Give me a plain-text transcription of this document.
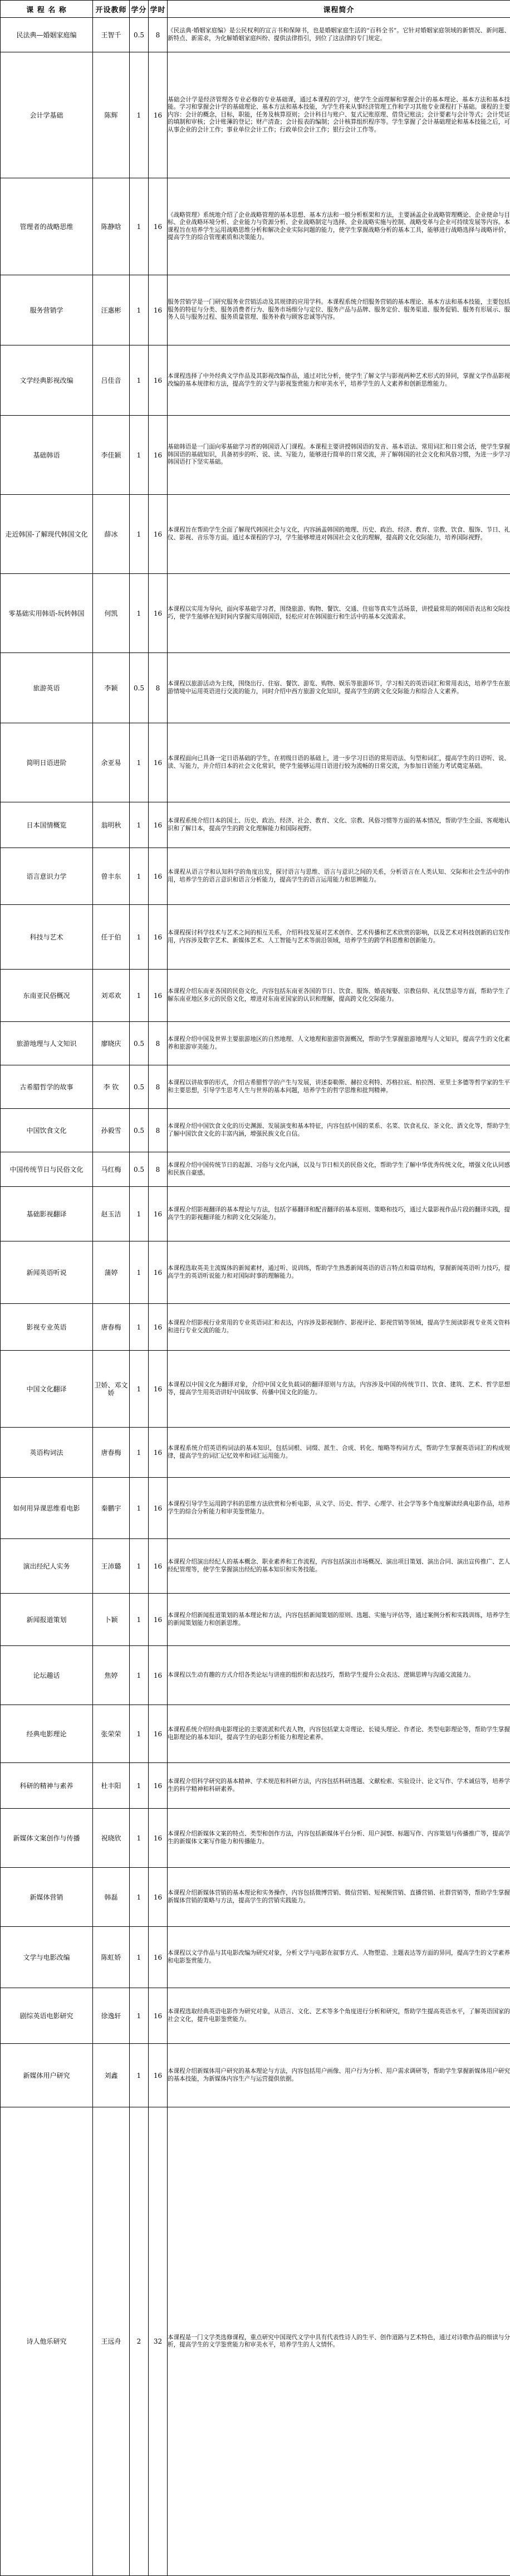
课 程 名 称	开设教师	学分	学时	课程简介
民法典—婚姻家庭编	王智千	0.5	8	《民法典·婚姻家庭编》是公民权利的宣言书和保障书，也是婚姻家庭生活的“百科全书”。它针对婚姻家庭领域的新情况、新问题、新特点、新需求，为化解婚姻家庭纠纷、提供法律指引，到位了这法律的专门规定。

会计学基础	陈辉	1	16	基础会计学是经济管理各专业必修的专业基础课，通过本课程的学习，使学生全面理解和掌握会计的基本理论、基本方法和基本技能。学习和掌握会计学的基础理论、基本方法和基本技能，为学生将来从事经济管理工作和学习其他专业课程打下基础。课程的主要内容：会计的概念，目标，职能，任务及核算原则；会计科目与账户、复式记账原理、借贷记账法；会计要素与会计等式；会计凭证的填制和审核；会计账簿的登记；财产清查；会计报表的编制；会计核算组织程序等。学生掌握了会计基础理论和基本技能之后，可从事企业的会计工作；事业单位会计工作；行政单位会计工作；银行会计工作等。

管理者的战略思维	陈静晗	1	16	《战略管理》系统地介绍了企业战略管理的基本思想、基本方法和一般分析框架和方法，主要涵盖企业战略管理概论、企业使命与目标、企业战略环境分析、企业能力与资源分析、企业战略制定与选择、企业战略实施与控制、战略变革与企业可持续发展等内容。本课程旨在培养学生运用战略思维分析和解决企业实际问题的能力，使学生掌握战略分析的基本工具，能够进行战略选择与战略评价，提高学生的综合管理素质和决策能力。

服务营销学	汪惠彬	1	16	服务营销学是一门研究服务业营销活动及其规律的应用学科。本课程系统介绍服务营销的基本理论、基本方法和基本技能，主要包括服务的特征与分类、服务消费者行为、服务市场细分与定位、服务产品与品牌、服务定价、服务渠道、服务促销、服务有形展示、服务人员与服务过程、服务质量管理、服务补救与顾客忠诚等内容。

文学经典影视改编	吕佳音	1	16	本课程选择了中外经典文学作品及其影视改编作品，通过对比分析，使学生了解文学与影视两种艺术形式的异同，掌握文学作品影视改编的基本规律和方法，提高学生的文学与影视鉴赏能力和审美水平，培养学生的人文素养和创新思维能力。

基础韩语	李佳颖	1	16	基础韩语是一门面向零基础学习者的韩国语入门课程。本课程主要讲授韩国语的发音、基本语法、常用词汇和日常会话，使学生掌握韩国语的基础知识，具备初步的听、说、读、写能力，能够进行简单的日常交流，并了解韩国的社会文化和风俗习惯，为进一步学习韩国语打下坚实基础。

走近韩国-了解现代韩国文化	薛冰	1	16	本课程旨在帮助学生全面了解现代韩国社会与文化，内容涵盖韩国的地理、历史、政治、经济、教育、宗教、饮食、服饰、节日、礼仪、影视、音乐等方面。通过本课程的学习，学生能够增进对韩国社会文化的理解，提高跨文化交际能力，培养国际视野。

零基础实用韩语-玩转韩国	何凯	1	16	本课程以实用为导向，面向零基础学习者，围绕旅游、购物、餐饮、交通、住宿等真实生活场景，讲授最常用的韩国语表达和交际技巧，使学生能够在短时间内掌握实用韩国语，轻松应对在韩国旅行和生活中的基本交流需求。

旅游英语	李颖	0.5	8	本课程以旅游活动为主线，围绕出行、住宿、餐饮、游览、购物、娱乐等旅游环节，学习相关的英语词汇和常用表达，培养学生在旅游情境中运用英语进行交流的能力，同时介绍中西方旅游文化知识，提高学生的跨文化交际能力和综合人文素养。

简明日语进阶	余亚易	1	16	本课程面向已具备一定日语基础的学生，在初级日语的基础上，进一步学习日语的常用语法、句型和词汇，提高学生的日语听、说、读、写能力，并介绍日本的社会文化常识，使学生能够运用日语进行较为流畅的日常交流，为参加日语能力考试奠定基础。

日本国情概览	翁明秋	1	16	本课程系统介绍日本的国土、历史、政治、经济、社会、教育、文化、宗教、风俗习惯等方面的基本情况，帮助学生全面、客观地认识和了解日本，提高学生的跨文化理解能力和国际视野。

语言意识力学	曾丰东	1	16	本课程从语言学和认知科学的角度出发，探讨语言与思维、语言与意识之间的关系，分析语言在人类认知、交际和社会生活中的作用，培养学生的语言意识和语言分析能力，提高学生的语言运用能力和思辨能力。

科技与艺术	任于伯	1	16	本课程探讨科学技术与艺术之间的相互关系，介绍科技发展对艺术创作、艺术传播和艺术欣赏的影响，以及艺术对科技创新的启发作用，内容涉及数字艺术、新媒体艺术、人工智能与艺术等前沿领域，培养学生的跨学科思维和创新能力。

东南亚民俗概况	刘邓欢	1	16	本课程介绍东南亚各国的民俗文化，内容包括东南亚各国的节日、饮食、服饰、婚丧嫁娶、宗教信仰、礼仪禁忌等方面，帮助学生了解东南亚地区多元的民俗文化，增进对东南亚国家的认识和理解，提高跨文化交际能力。

旅游地理与人文知识	廖晓庆	0.5	8	本课程介绍中国及世界主要旅游地区的自然地理、人文地理和旅游资源概况，帮助学生掌握旅游地理与人文知识，提高学生的文化素养和旅游审美能力。

古希腊哲学的故事	李 钦	0.5	8	本课程以讲故事的形式，介绍古希腊哲学的产生与发展，讲述泰勒斯、赫拉克利特、苏格拉底、柏拉图、亚里士多德等哲学家的生平和主要思想，引导学生思考人生与世界的基本问题，培养学生的哲学思维和批判精神。

中国饮食文化	孙毅雪	0.5	8	本课程介绍中国饮食文化的历史渊源、发展演变和基本特征，内容包括中国的菜系、名菜、饮食礼仪、茶文化、酒文化等，帮助学生了解中国饮食文化的丰富内涵，增强民族文化自信。

中国传统节日与民俗文化	马红梅	0.5	8	本课程介绍中国传统节日的起源、习俗与文化内涵，以及与节日相关的民俗文化，帮助学生了解中华优秀传统文化，增强文化认同感和民族自豪感。

基础影视翻译	赵玉洁	1	16	本课程介绍影视翻译的基本理论与方法，包括字幕翻译和配音翻译的基本原则、策略和技巧，通过大量影视作品片段的翻译实践，提高学生的影视翻译能力和跨文化交际能力。

新闻英语听说	蒲婷	1	16	本课程选取英美主流媒体的新闻素材，通过听、说训练，帮助学生熟悉新闻英语的语言特点和篇章结构，掌握新闻英语听力技巧，提高学生的英语听说能力和对国际时事的理解能力。

影视专业英语	唐春梅	1	16	本课程介绍影视行业常用的专业英语词汇和表达，内容涉及影视制作、影视评论、影视营销等领域，提高学生阅读影视专业英文资料和进行专业交流的能力。

中国文化翻译	卫娇、邓文娇	1	16	本课程以中国文化为翻译对象，介绍中国文化负载词的翻译原则与方法，内容涉及中国的传统节日、饮食、建筑、艺术、哲学思想等，提高学生用英语讲好中国故事、传播中国文化的能力。

英语构词法	唐春梅	1	16	本课程系统介绍英语构词法的基本知识，包括词根、词缀、派生、合成、转化、缩略等构词方式，帮助学生掌握英语词汇的构成规律，提高学生的词汇记忆效率和词汇运用能力。

如何用异课思维看电影	秦鹏宇	1	16	本课程引导学生运用跨学科的思维方法欣赏和分析电影，从文学、历史、哲学、心理学、社会学等多个角度解读经典电影作品，培养学生的综合分析能力和审美鉴赏能力。

演出经纪人实务	王沛璐	1	16	本课程介绍演出经纪人的基本概念、职业素养和工作流程，内容包括演出市场概况、演出项目策划、演出合同、演出宣传推广、艺人经纪管理等，使学生掌握演出经纪的基本知识和实务技能。

新闻报道策划	卜颖	1	16	本课程介绍新闻报道策划的基本理论和方法，内容包括新闻策划的原则、选题、实施与评估等，通过案例分析和实践训练，培养学生的新闻策划能力和创新思维。

论坛趣话	焦婷	1	16	本课程以生动有趣的方式介绍各类论坛与讲座的组织和表达技巧，帮助学生提升公众表达、逻辑思辨与沟通交流能力。

经典电影理论	张荣荣	1	16	本课程系统介绍经典电影理论的主要流派和代表人物，内容包括蒙太奇理论、长镜头理论、作者论、类型电影理论等，帮助学生掌握电影理论的基本知识，提高学生的电影分析能力和理论素养。

科研的精神与素养	杜丰阳	1	16	本课程介绍科学研究的基本精神、学术规范和科研方法，内容包括科研选题、文献检索、实验设计、论文写作、学术诚信等，培养学生的科学精神和科研素养。

新媒体文案创作与传播	祝晓欣	1	16	本课程介绍新媒体文案的特点、类型和创作方法，内容包括新媒体平台分析、用户洞察、标题写作、内容策划与传播推广等，提高学生的新媒体文案写作能力和传播能力。

新媒体营销	韩磊	1	16	本课程介绍新媒体营销的基本理论和实务操作，内容包括微博营销、微信营销、短视频营销、直播营销、社群营销等，帮助学生掌握新媒体营销的策略与方法，提高学生的营销实践能力。

文学与电影改编	陈虹娇	1	16	本课程以文学作品与其电影改编为研究对象，分析文学与电影在叙事方式、人物塑造、主题表达等方面的异同，提高学生的文学素养和电影鉴赏能力。

剧综英语电影研究	徐逸轩	1	16	本课程选取经典英语电影作为研究对象，从语言、文化、艺术等多个角度进行分析和研究，帮助学生提高英语水平，了解英语国家的社会文化，提升电影鉴赏能力。

新媒体用户研究	刘鑫	1	16	本课程介绍新媒体用户研究的基本理论与方法，内容包括用户画像、用户行为分析、用户需求调研等，帮助学生掌握新媒体用户研究的基本技能，为新媒体内容生产与运营提供依据。

诗人他乐研究	王远舟	2	32	本课程是一门文学类选修课程，重点研究中国现代文学中具有代表性诗人的生平、创作道路与艺术特色，通过对诗歌作品的细读与分析，提高学生的文学鉴赏能力和审美水平，培养学生的人文情怀。
